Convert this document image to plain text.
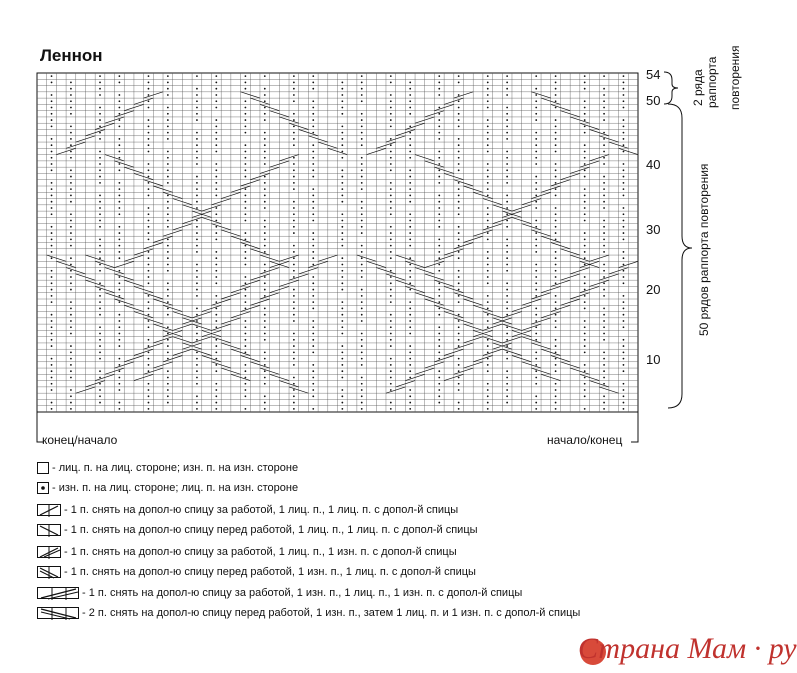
Леннон
54
50
40
30
20
10
2 ряда раппорта повторения
50 рядов раппорта повторения
конец/начало	начало/конец
- лиц. п. на лиц. стороне; изн. п. на изн. стороне
- изн. п. на лиц. стороне; лиц. п. на изн. стороне
- 1 п. снять на допол-ю спицу за работой, 1 лиц. п., 1 лиц. п. с допол-й спицы
- 1 п. снять на допол-ю спицу перед работой, 1 лиц. п., 1 лиц. п. с допол-й спицы
- 1 п. снять на допол-ю спицу за работой, 1 лиц. п., 1 изн. п. с допол-й спицы
- 1 п. снять на допол-ю спицу перед работой, 1 изн. п., 1 лиц. п. с допол-й спицы
- 1 п. снять на допол-ю спицу за работой, 1 изн. п., 1 лиц. п., 1 изн. п. с допол-й спицы
- 2 п. снять на допол-ю спицу перед работой, 1 изн. п., затем 1 лиц. п. и 1 изн. п. с допол-й спицы
Страна Мам · ру
